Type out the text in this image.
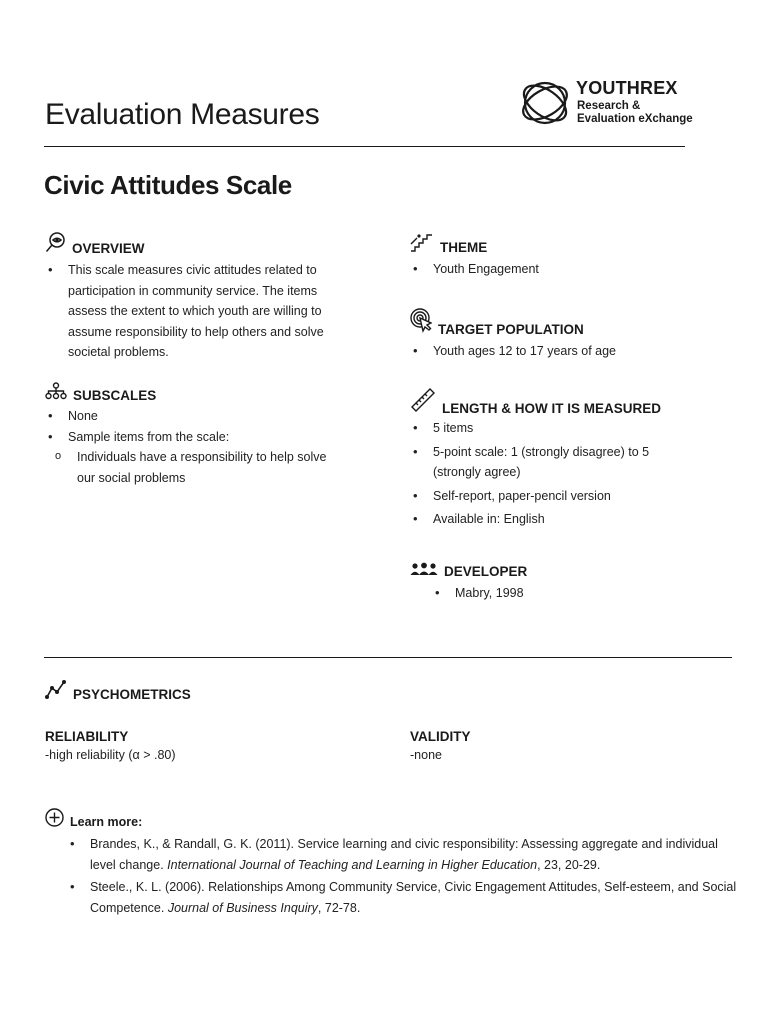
Evaluation Measures
YOUTHREX
Research &
Evaluation eXchange
Civic Attitudes Scale
OVERVIEW
• This scale measures civic attitudes related to participation in community service. The items assess the extent to which youth are willing to assume responsibility to help others and solve societal problems.
SUBSCALES
• None
• Sample items from the scale:
o Individuals have a responsibility to help solve our social problems
THEME
• Youth Engagement
TARGET POPULATION
• Youth ages 12 to 17 years of age
LENGTH & HOW IT IS MEASURED
• 5 items
• 5-point scale: 1 (strongly disagree) to 5 (strongly agree)
• Self-report, paper-pencil version
• Available in: English
DEVELOPER
• Mabry, 1998
PSYCHOMETRICS
RELIABILITY
-high reliability (α > .80)
VALIDITY
-none
Learn more:
• Brandes, K., & Randall, G. K. (2011). Service learning and civic responsibility: Assessing aggregate and individual level change. International Journal of Teaching and Learning in Higher Education, 23, 20-29.
• Steele., K. L. (2006). Relationships Among Community Service, Civic Engagement Attitudes, Self-esteem, and Social Competence. Journal of Business Inquiry, 72-78.
